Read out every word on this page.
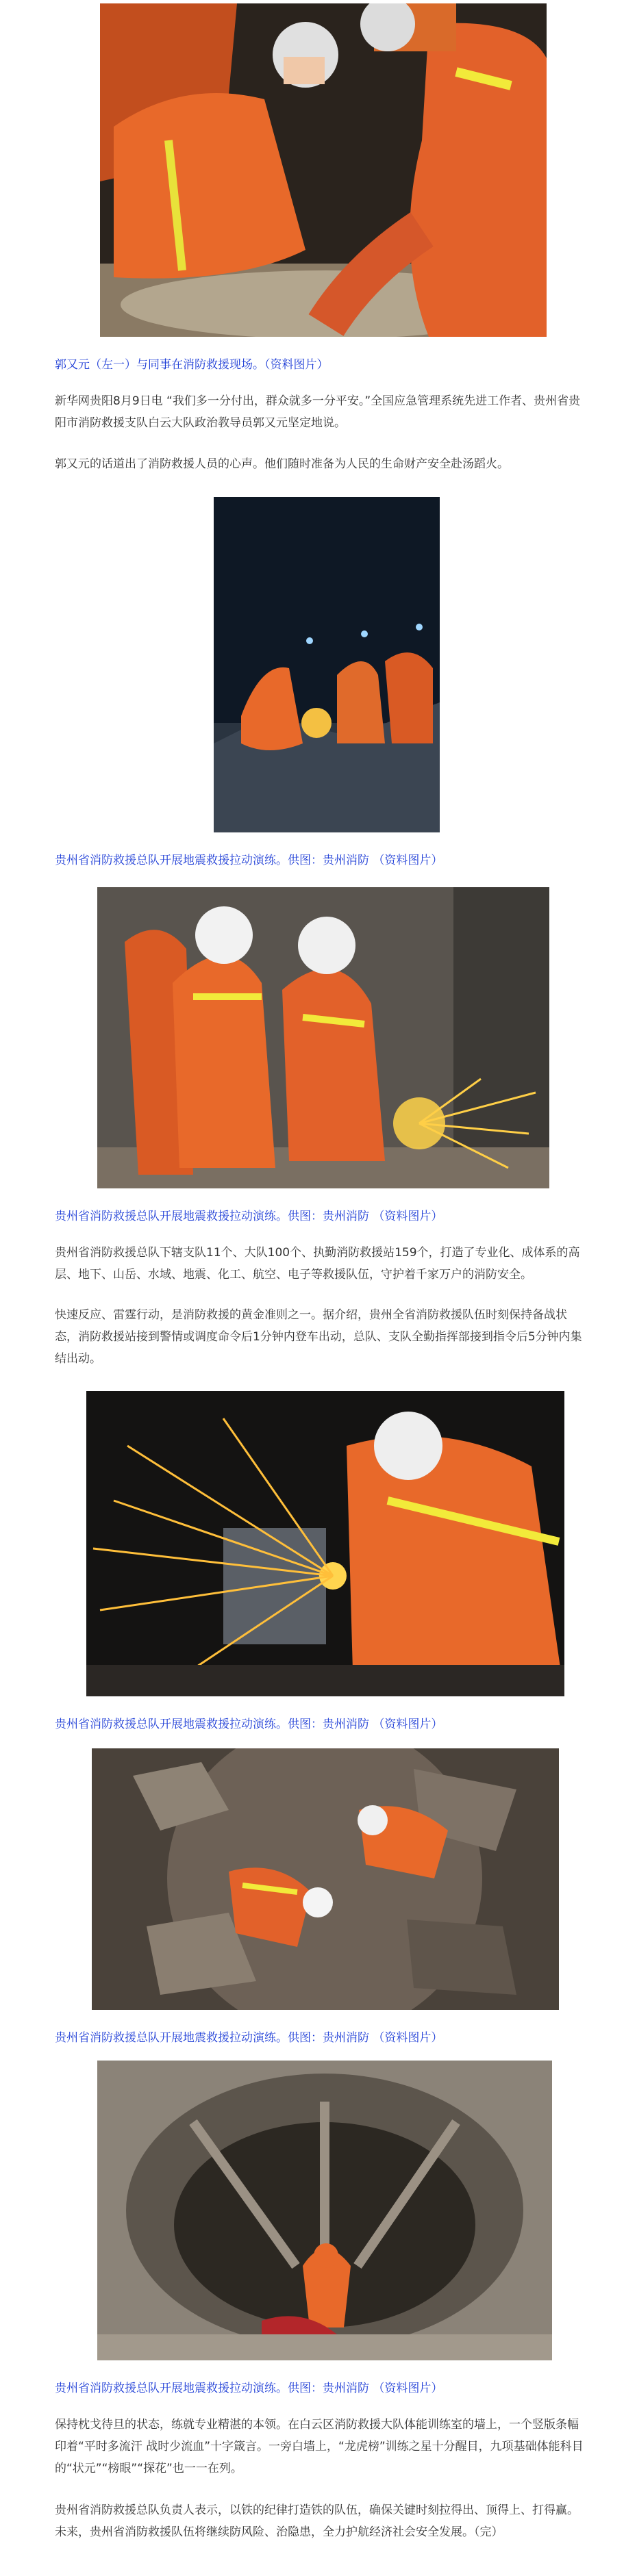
郭又元（左一）与同事在消防救援现场。（资料图片）

新华网贵阳8月9日电 “我们多一分付出，群众就多一分平安。”全国应急管理系统先进工作者、贵州省贵阳市消防救援支队白云大队政治教导员郭又元坚定地说。

郭又元的话道出了消防救援人员的心声。他们随时准备为人民的生命财产安全赴汤蹈火。

贵州省消防救援总队开展地震救援拉动演练。供图：贵州消防 （资料图片）

贵州省消防救援总队开展地震救援拉动演练。供图：贵州消防 （资料图片）

贵州省消防救援总队下辖支队11个、大队100个、执勤消防救援站159个，打造了专业化、成体系的高层、地下、山岳、水域、地震、化工、航空、电子等救援队伍，守护着千家万户的消防安全。

快速反应、雷霆行动，是消防救援的黄金准则之一。据介绍，贵州全省消防救援队伍时刻保持备战状态，消防救援站接到警情或调度命令后1分钟内登车出动，总队、支队全勤指挥部接到指令后5分钟内集结出动。

贵州省消防救援总队开展地震救援拉动演练。供图：贵州消防 （资料图片）

贵州省消防救援总队开展地震救援拉动演练。供图：贵州消防 （资料图片）

贵州省消防救援总队开展地震救援拉动演练。供图：贵州消防 （资料图片）

保持枕戈待旦的状态，练就专业精湛的本领。在白云区消防救援大队体能训练室的墙上，一个竖版条幅印着“平时多流汗 战时少流血”十字箴言。一旁白墙上，“龙虎榜”训练之星十分醒目，九项基础体能科目的“状元”“榜眼”“探花”也一一在列。

贵州省消防救援总队负责人表示，以铁的纪律打造铁的队伍，确保关键时刻拉得出、顶得上、打得赢。未来，贵州省消防救援队伍将继续防风险、治隐患，全力护航经济社会安全发展。（完）
